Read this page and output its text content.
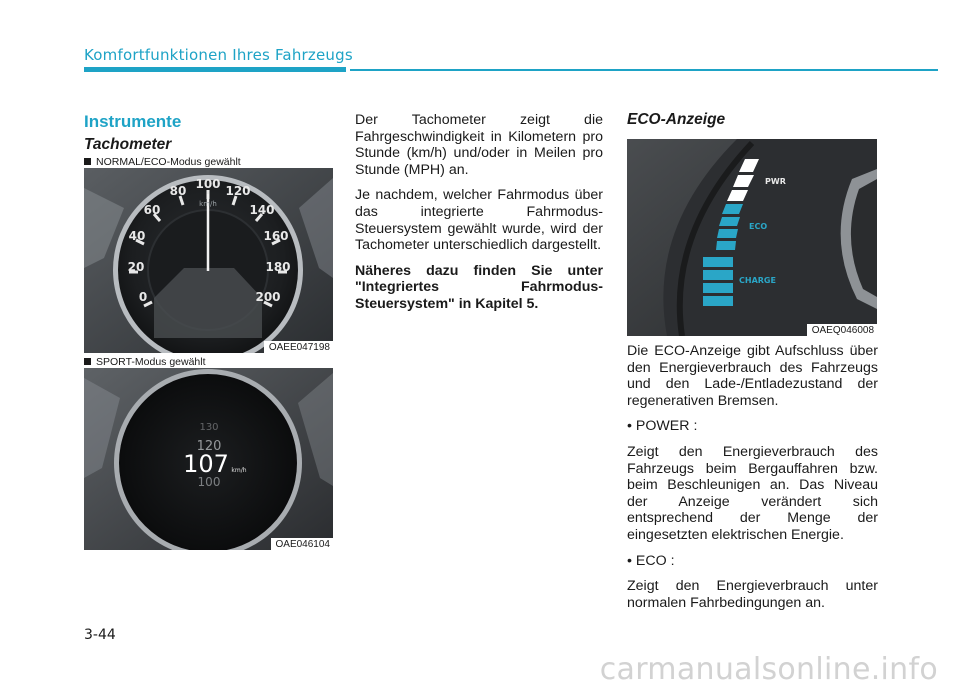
Komfortfunktionen Ihres Fahrzeugs
Instrumente
Tachometer
NORMAL/ECO-Modus gewählt
0
20
40
60
80 100 120
140
160
180
200
km/h
OAEE047198
SPORT-Modus gewählt
130
120
107 km/h
100
OAE046104

Der Tachometer zeigt die Fahrgeschwindigkeit in Kilometern pro Stunde (km/h) und/oder in Meilen pro Stunde (MPH) an.

Je nachdem, welcher Fahrmodus über das integrierte Fahrmodus-Steuersystem gewählt wurde, wird der Tachometer unterschiedlich dargestellt.

Näheres dazu finden Sie unter "Integriertes Fahrmodus-Steuersystem" in Kapitel 5.

ECO-Anzeige
PWR
ECO
CHARGE
OAEQ046008

Die ECO-Anzeige gibt Aufschluss über den Energieverbrauch des Fahrzeugs und den Lade-/Entladezustand der regenerativen Bremsen.

• POWER :

Zeigt den Energieverbrauch des Fahrzeugs beim Bergauffahren bzw. beim Beschleunigen an. Das Niveau der Anzeige verändert sich entsprechend der Menge der eingesetzten elektrischen Energie.

• ECO :

Zeigt den Energieverbrauch unter normalen Fahrbedingungen an.

3-44
carmanualsonline.info
